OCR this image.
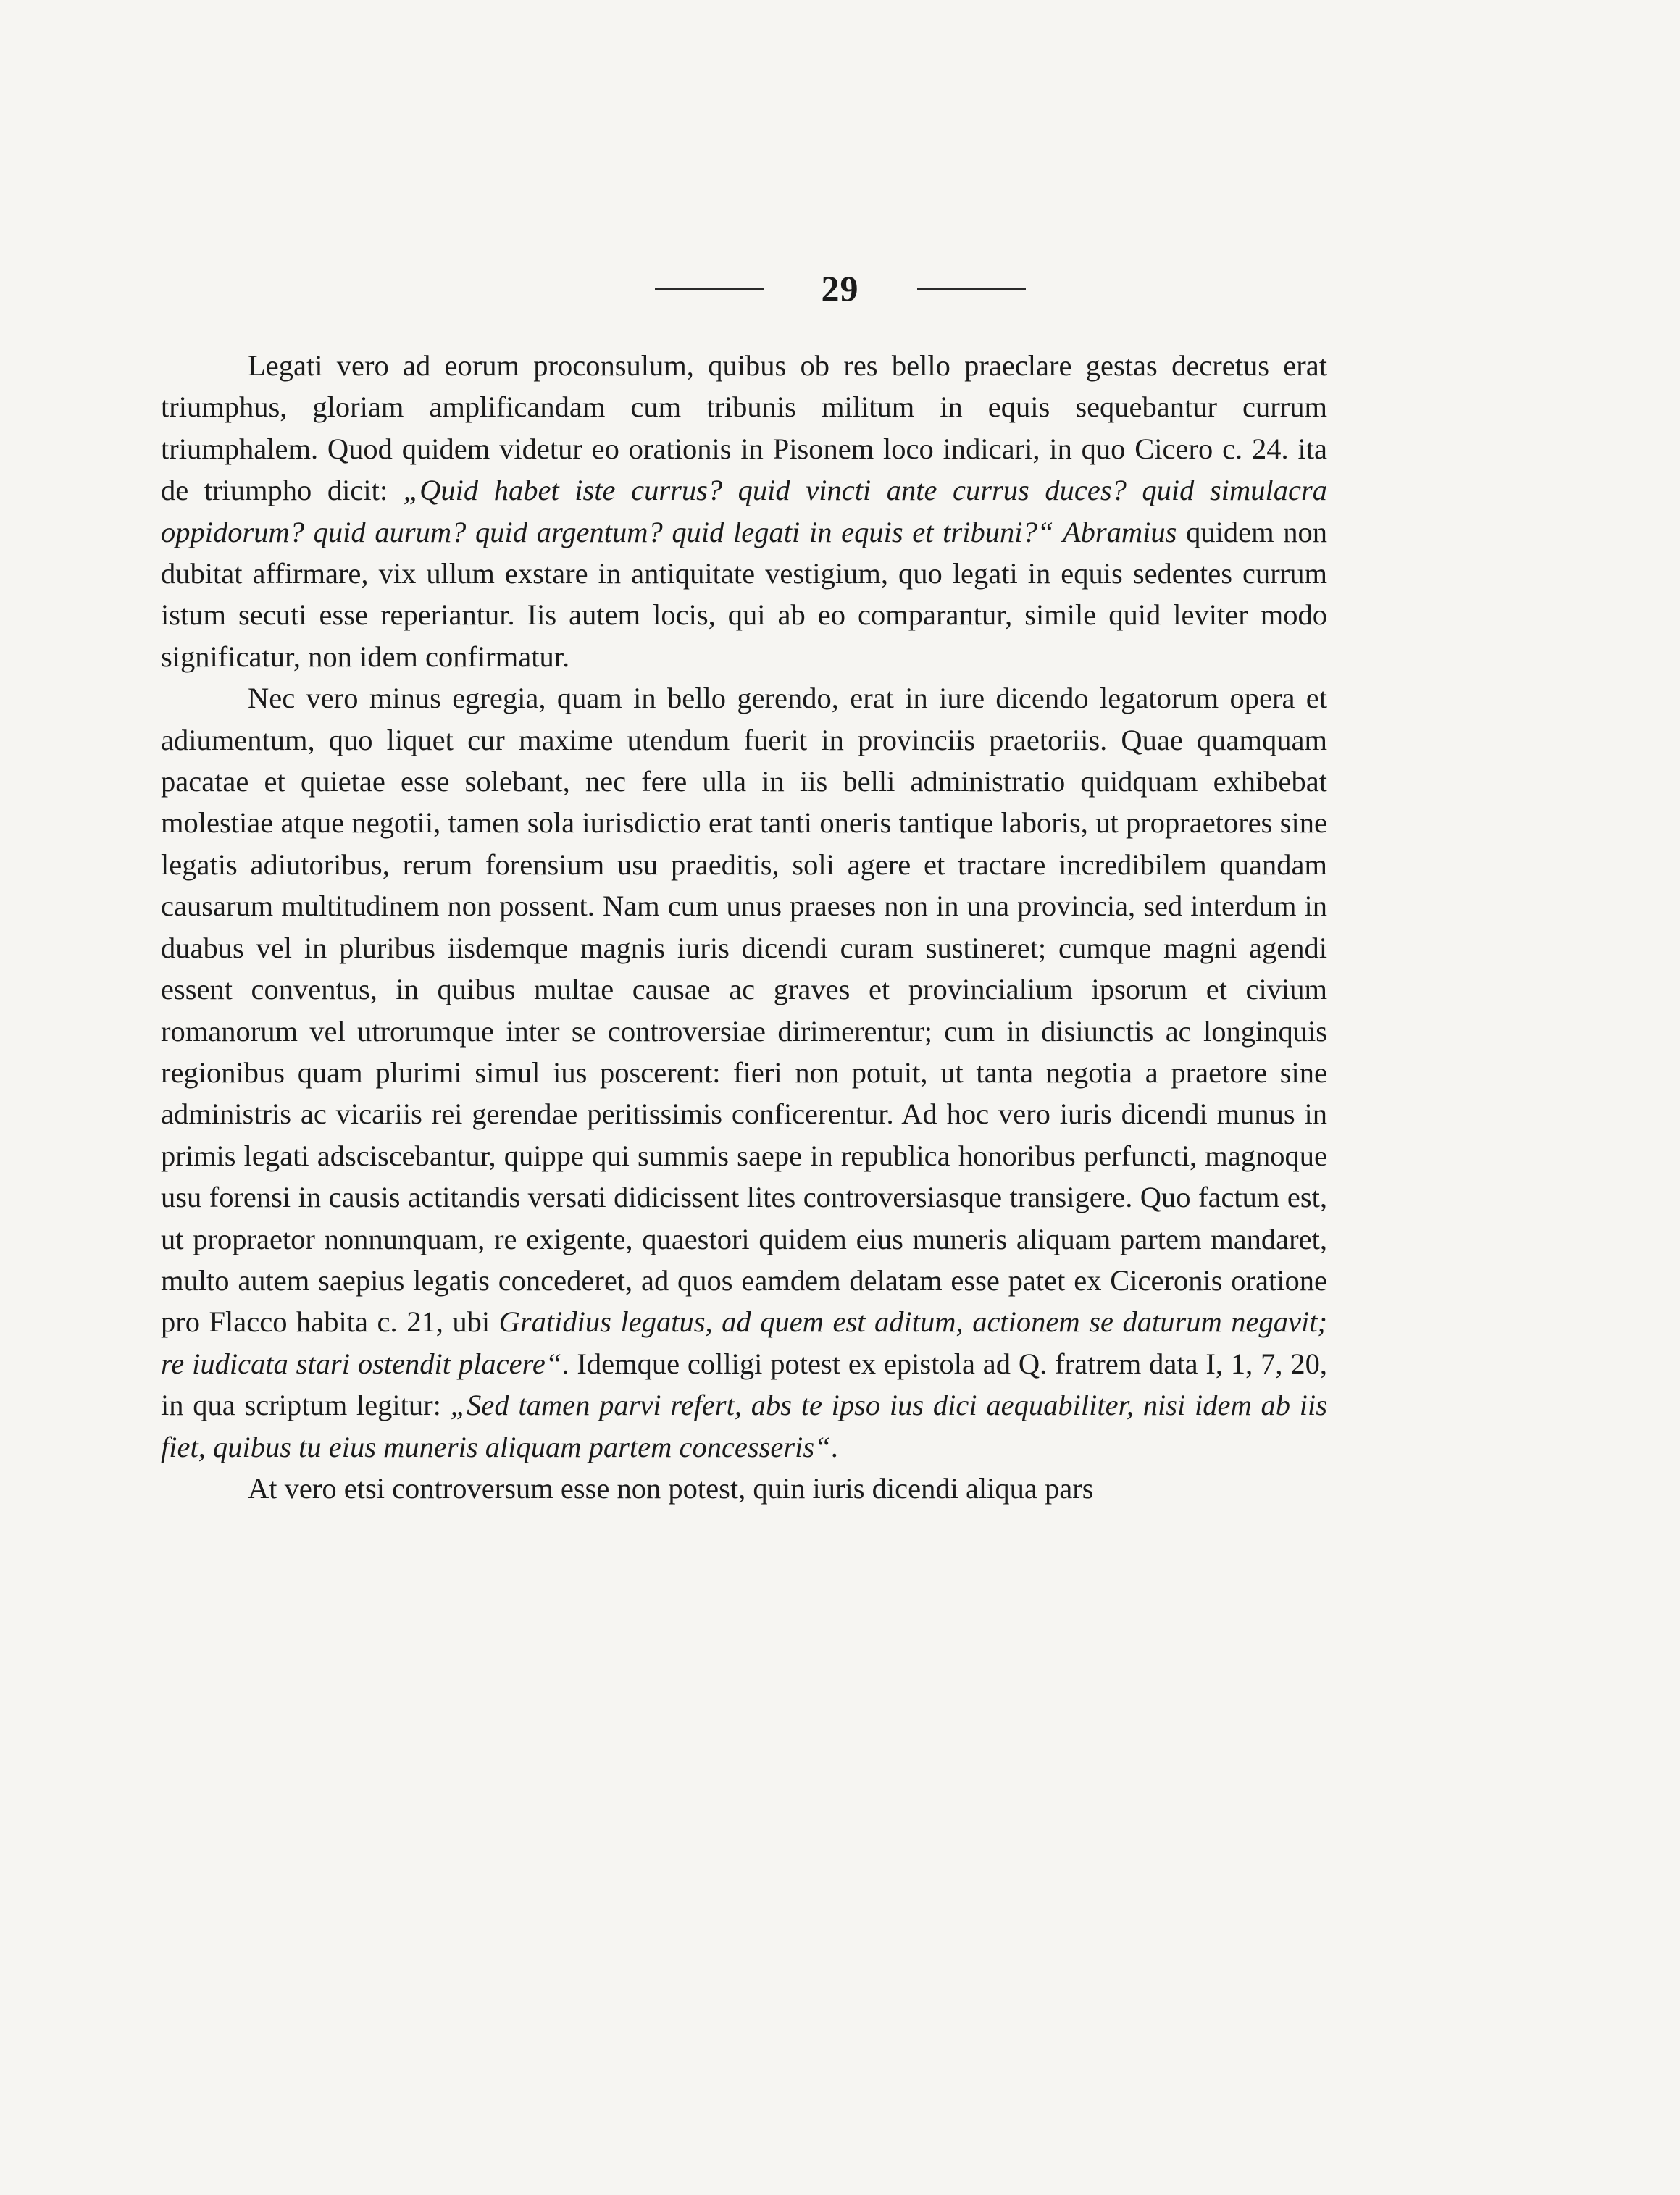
29

Legati vero ad eorum proconsulum, quibus ob res bello praeclare gestas decretus erat triumphus, gloriam amplificandam cum tribunis militum in equis sequebantur currum triumphalem. Quod quidem videtur eo orationis in Pisonem loco indicari, in quo Cicero c. 24. ita de triumpho dicit: „Quid habet iste currus? quid vincti ante currus duces? quid simulacra oppidorum? quid aurum? quid argentum? quid legati in equis et tribuni?“ Abramius quidem non dubitat affirmare, vix ullum exstare in antiquitate vestigium, quo legati in equis sedentes currum istum secuti esse reperiantur. Iis autem locis, qui ab eo comparantur, simile quid leviter modo significatur, non idem confirmatur.

Nec vero minus egregia, quam in bello gerendo, erat in iure dicendo legatorum opera et adiumentum, quo liquet cur maxime utendum fuerit in provinciis praetoriis. Quae quamquam pacatae et quietae esse solebant, nec fere ulla in iis belli administratio quidquam exhibebat molestiae atque negotii, tamen sola iurisdictio erat tanti oneris tantique laboris, ut propraetores sine legatis adiutoribus, rerum forensium usu praeditis, soli agere et tractare incredibilem quandam causarum multitudinem non possent. Nam cum unus praeses non in una provincia, sed interdum in duabus vel in pluribus iisdemque magnis iuris dicendi curam sustineret; cumque magni agendi essent conventus, in quibus multae causae ac graves et provincialium ipsorum et civium romanorum vel utrorumque inter se controversiae dirimerentur; cum in disiunctis ac longinquis regionibus quam plurimi simul ius poscerent: fieri non potuit, ut tanta negotia a praetore sine administris ac vicariis rei gerendae peritissimis conficerentur. Ad hoc vero iuris dicendi munus in primis legati adsciscebantur, quippe qui summis saepe in republica honoribus perfuncti, magnoque usu forensi in causis actitandis versati didicissent lites controversiasque transigere. Quo factum est, ut propraetor nonnunquam, re exigente, quaestori quidem eius muneris aliquam partem mandaret, multo autem saepius legatis concederet, ad quos eamdem delatam esse patet ex Ciceronis oratione pro Flacco habita c. 21, ubi Gratidius legatus, ad quem est aditum, actionem se daturum negavit; re iudicata stari ostendit placere“. Idemque colligi potest ex epistola ad Q. fratrem data I, 1, 7, 20, in qua scriptum legitur: „Sed tamen parvi refert, abs te ipso ius dici aequabiliter, nisi idem ab iis fiet, quibus tu eius muneris aliquam partem concesseris“.

At vero etsi controversum esse non potest, quin iuris dicendi aliqua pars
